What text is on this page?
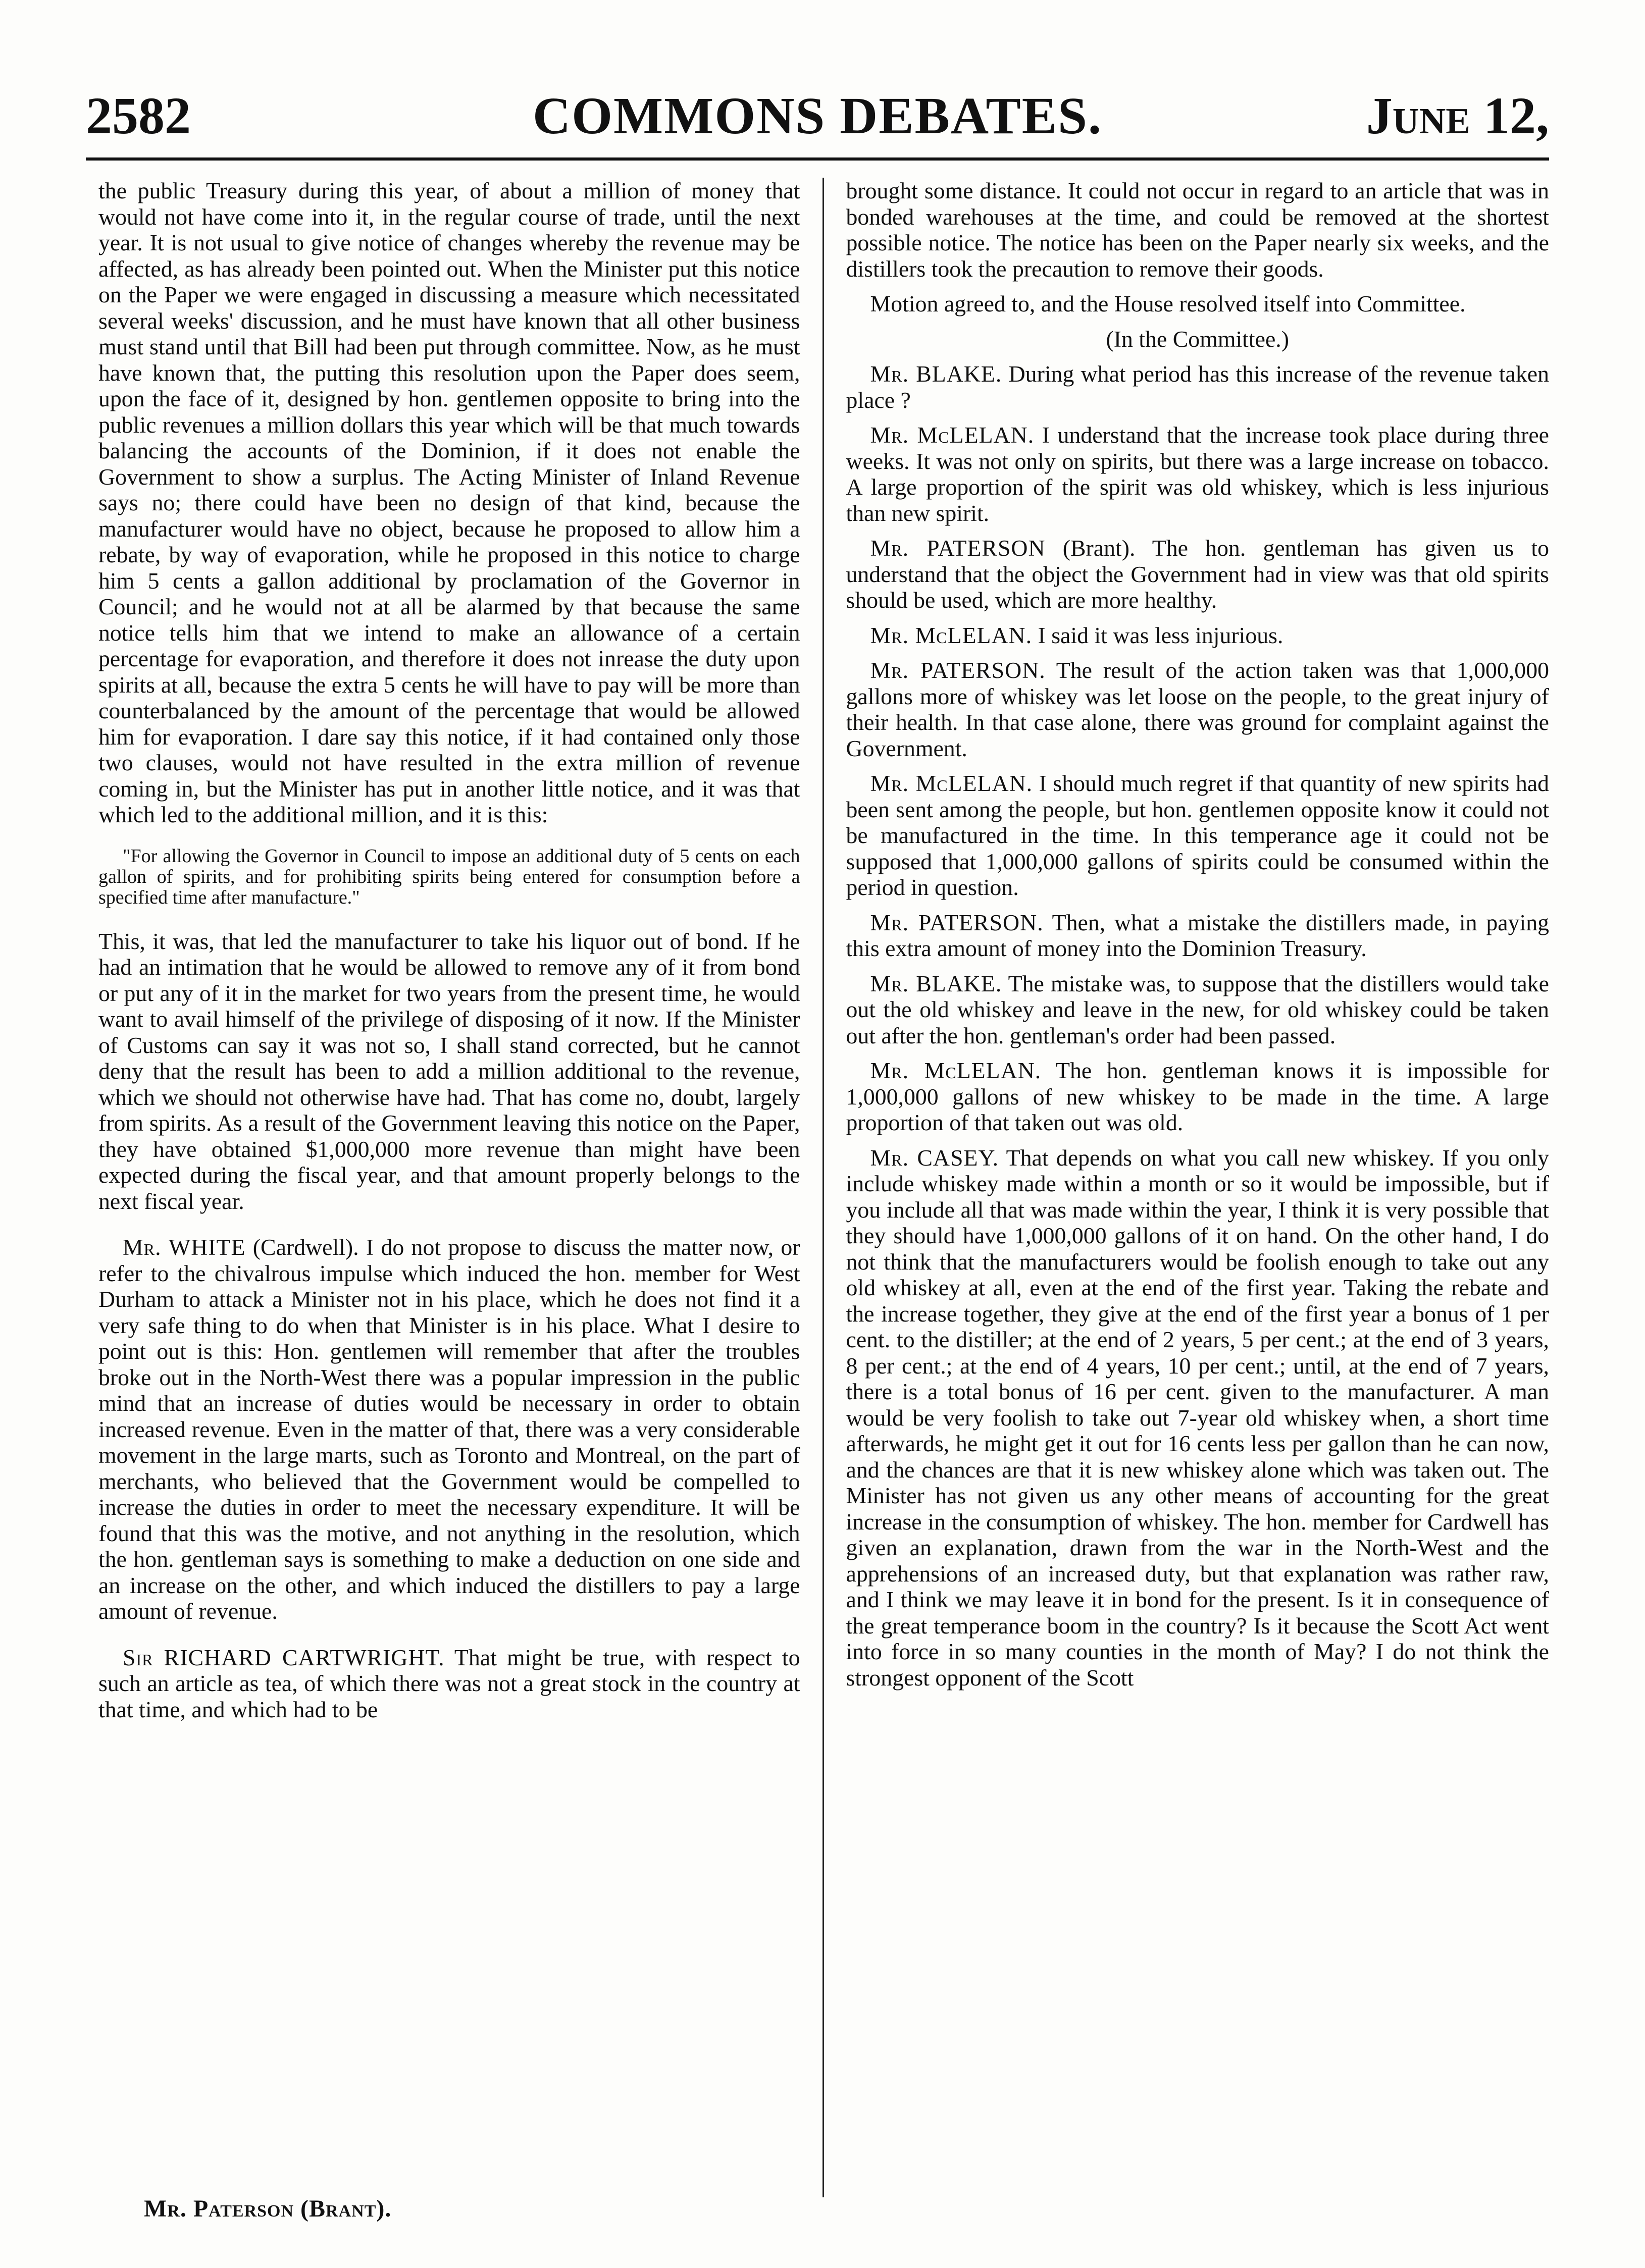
2582	COMMONS DEBATES.	June 12,

the public Treasury during this year, of about a million of money that would not have come into it, in the regular course of trade, until the next year. It is not usual to give notice of changes whereby the revenue may be affected, as has already been pointed out. When the Minister put this notice on the Paper we were engaged in discussing a measure which necessitated several weeks' discussion, and he must have known that all other business must stand until that Bill had been put through committee. Now, as he must have known that, the putting this resolution upon the Paper does seem, upon the face of it, designed by hon. gentlemen opposite to bring into the public revenues a million dollars this year which will be that much towards balancing the accounts of the Dominion, if it does not enable the Government to show a surplus. The Acting Minister of Inland Revenue says no; there could have been no design of that kind, because the manufacturer would have no object, because he proposed to allow him a rebate, by way of evaporation, while he proposed in this notice to charge him 5 cents a gallon additional by proclamation of the Governor in Council; and he would not at all be alarmed by that because the same notice tells him that we intend to make an allowance of a certain percentage for evaporation, and therefore it does not inrease the duty upon spirits at all, because the extra 5 cents he will have to pay will be more than counterbalanced by the amount of the percentage that would be allowed him for evaporation. I dare say this notice, if it had contained only those two clauses, would not have resulted in the extra million of revenue coming in, but the Minister has put in another little notice, and it was that which led to the additional million, and it is this:

"For allowing the Governor in Council to impose an additional duty of 5 cents on each gallon of spirits, and for prohibiting spirits being entered for consumption before a specified time after manufacture."

This, it was, that led the manufacturer to take his liquor out of bond. If he had an intimation that he would be allowed to remove any of it from bond or put any of it in the market for two years from the present time, he would want to avail himself of the privilege of disposing of it now. If the Minister of Customs can say it was not so, I shall stand corrected, but he cannot deny that the result has been to add a million additional to the revenue, which we should not otherwise have had. That has come no, doubt, largely from spirits. As a result of the Government leaving this notice on the Paper, they have obtained $1,000,000 more revenue than might have been expected during the fiscal year, and that amount properly belongs to the next fiscal year.

Mr. WHITE (Cardwell). I do not propose to discuss the matter now, or refer to the chivalrous impulse which induced the hon. member for West Durham to attack a Minister not in his place, which he does not find it a very safe thing to do when that Minister is in his place. What I desire to point out is this: Hon. gentlemen will remember that after the troubles broke out in the North-West there was a popular impression in the public mind that an increase of duties would be necessary in order to obtain increased revenue. Even in the matter of that, there was a very considerable movement in the large marts, such as Toronto and Montreal, on the part of merchants, who believed that the Government would be compelled to increase the duties in order to meet the necessary expenditure. It will be found that this was the motive, and not anything in the resolution, which the hon. gentleman says is something to make a deduction on one side and an increase on the other, and which induced the distillers to pay a large amount of revenue.

Sir RICHARD CARTWRIGHT. That might be true, with respect to such an article as tea, of which there was not a great stock in the country at that time, and which had to be

brought some distance. It could not occur in regard to an article that was in bonded warehouses at the time, and could be removed at the shortest possible notice. The notice has been on the Paper nearly six weeks, and the distillers took the precaution to remove their goods.

Motion agreed to, and the House resolved itself into Committee.

(In the Committee.)

Mr. BLAKE. During what period has this increase of the revenue taken place ?

Mr. McLELAN. I understand that the increase took place during three weeks. It was not only on spirits, but there was a large increase on tobacco. A large proportion of the spirit was old whiskey, which is less injurious than new spirit.

Mr. PATERSON (Brant). The hon. gentleman has given us to understand that the object the Government had in view was that old spirits should be used, which are more healthy.

Mr. McLELAN. I said it was less injurious.

Mr. PATERSON. The result of the action taken was that 1,000,000 gallons more of whiskey was let loose on the people, to the great injury of their health. In that case alone, there was ground for complaint against the Government.

Mr. McLELAN. I should much regret if that quantity of new spirits had been sent among the people, but hon. gentlemen opposite know it could not be manufactured in the time. In this temperance age it could not be supposed that 1,000,000 gallons of spirits could be consumed within the period in question.

Mr. PATERSON. Then, what a mistake the distillers made, in paying this extra amount of money into the Dominion Treasury.

Mr. BLAKE. The mistake was, to suppose that the distillers would take out the old whiskey and leave in the new, for old whiskey could be taken out after the hon. gentleman's order had been passed.

Mr. McLELAN. The hon. gentleman knows it is impossible for 1,000,000 gallons of new whiskey to be made in the time. A large proportion of that taken out was old.

Mr. CASEY. That depends on what you call new whiskey. If you only include whiskey made within a month or so it would be impossible, but if you include all that was made within the year, I think it is very possible that they should have 1,000,000 gallons of it on hand. On the other hand, I do not think that the manufacturers would be foolish enough to take out any old whiskey at all, even at the end of the first year. Taking the rebate and the increase together, they give at the end of the first year a bonus of 1 per cent. to the distiller; at the end of 2 years, 5 per cent.; at the end of 3 years, 8 per cent.; at the end of 4 years, 10 per cent.; until, at the end of 7 years, there is a total bonus of 16 per cent. given to the manufacturer. A man would be very foolish to take out 7-year old whiskey when, a short time afterwards, he might get it out for 16 cents less per gallon than he can now, and the chances are that it is new whiskey alone which was taken out. The Minister has not given us any other means of accounting for the great increase in the consumption of whiskey. The hon. member for Cardwell has given an explanation, drawn from the war in the North-West and the apprehensions of an increased duty, but that explanation was rather raw, and I think we may leave it in bond for the present. Is it in consequence of the great temperance boom in the country? Is it because the Scott Act went into force in so many counties in the month of May? I do not think the strongest opponent of the Scott

Mr. Paterson (Brant).
